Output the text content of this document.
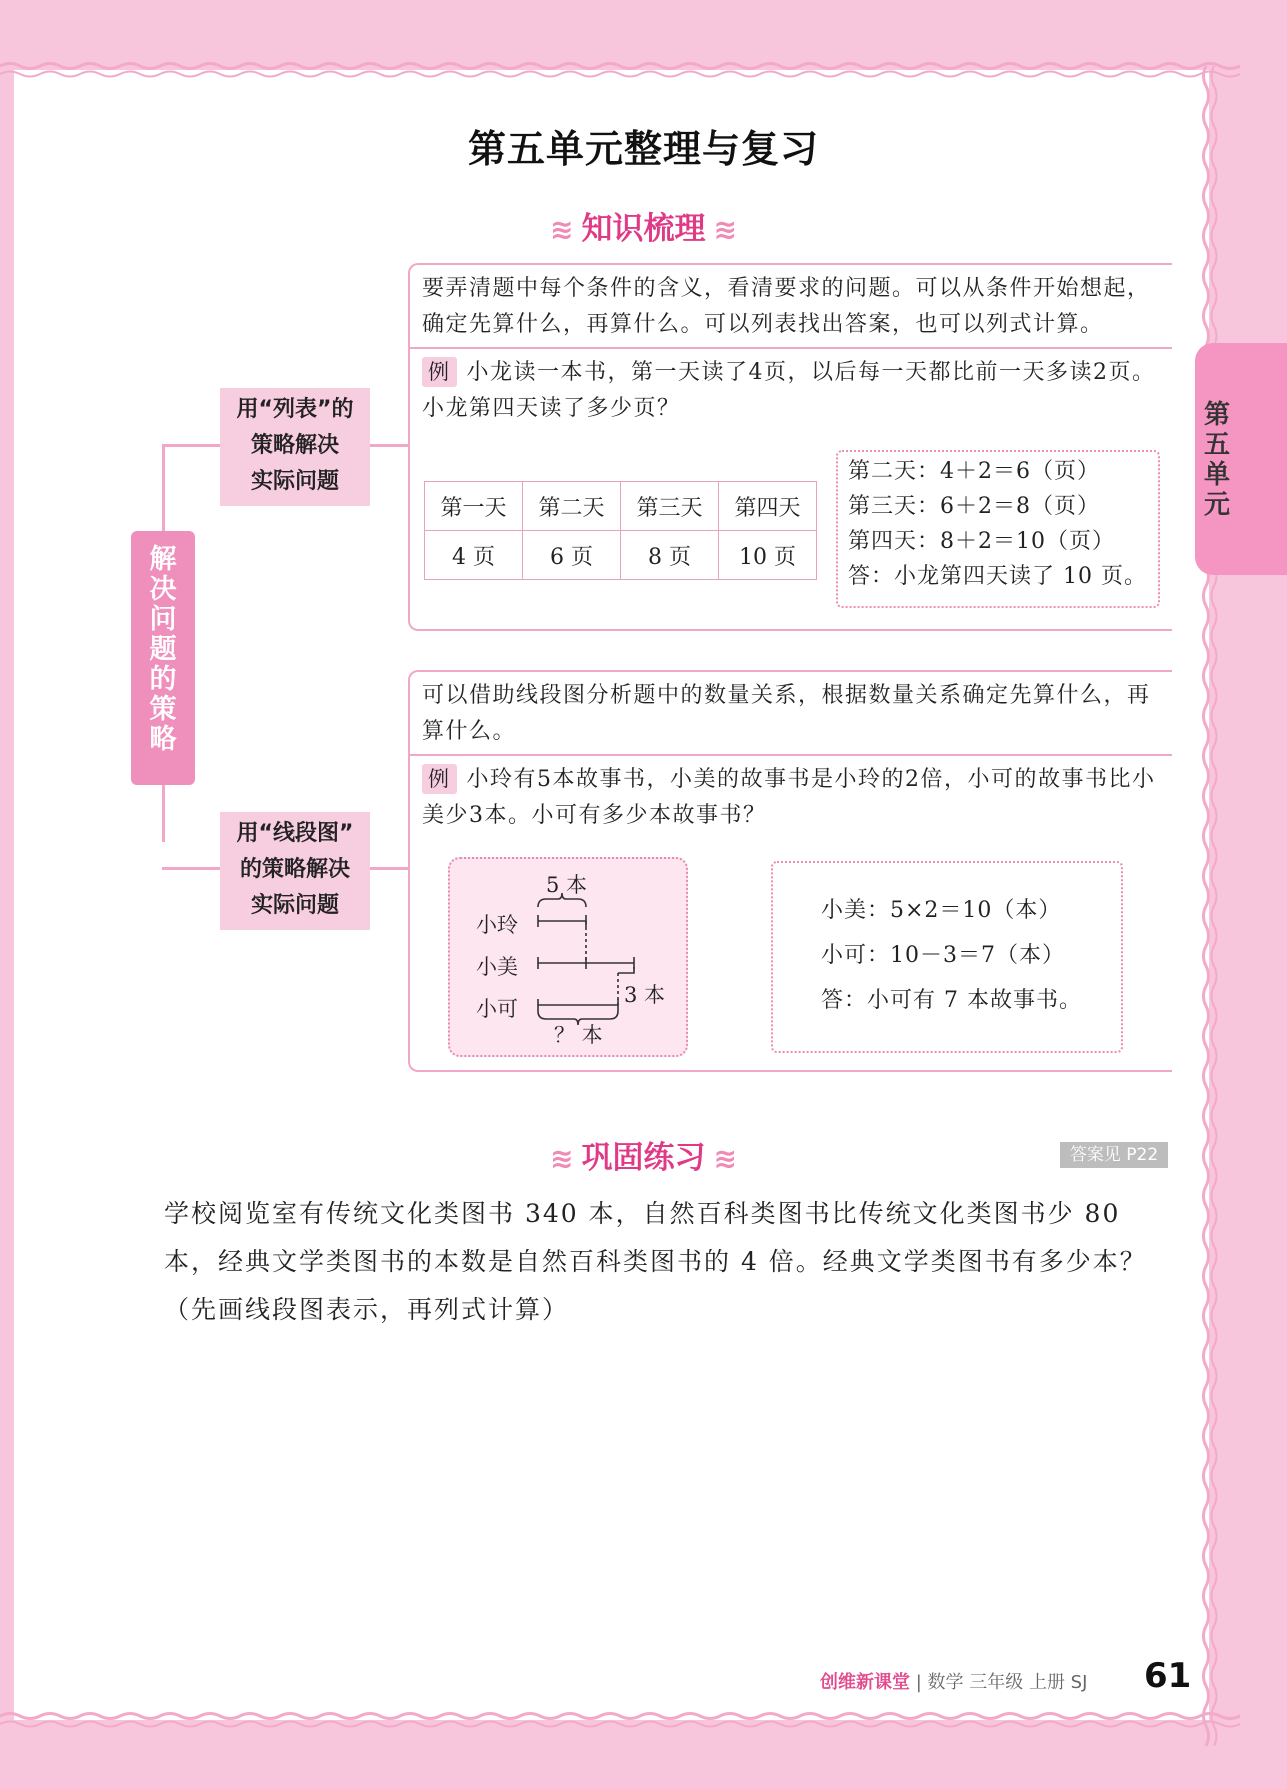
第五单元
第五单元整理与复习
≋ 知识梳理 ≋
解决问题的策略
用“列表”的
策略解决
实际问题
用“线段图”
的策略解决
实际问题
要弄清题中每个条件的含义，看清要求的问题。可以从条件开始想起，确定先算什么，再算什么。可以列表找出答案，也可以列式计算。
例 小龙读一本书，第一天读了4页，以后每一天都比前一天多读2页。小龙第四天读了多少页？
第一天	第二天	第三天	第四天
4 页	6 页	8 页	10 页
第二天：4＋2＝6（页）
第三天：6＋2＝8（页）
第四天：8＋2＝10（页）
答：小龙第四天读了 10 页。
可以借助线段图分析题中的数量关系，根据数量关系确定先算什么，再算什么。
例 小玲有5本故事书，小美的故事书是小玲的2倍，小可的故事书比小美少3本。小可有多少本故事书？
5 本
小玲
小美
小可
3 本
？ 本
小美：5×2＝10（本）
小可：10－3＝7（本）
答：小可有 7 本故事书。
≋ 巩固练习 ≋	答案见 P22
学校阅览室有传统文化类图书 340 本，自然百科类图书比传统文化类图书少 80 本，经典文学类图书的本数是自然百科类图书的 4 倍。经典文学类图书有多少本？（先画线段图表示，再列式计算）
创维新课堂 | 数学 三年级 上册 SJ 61
